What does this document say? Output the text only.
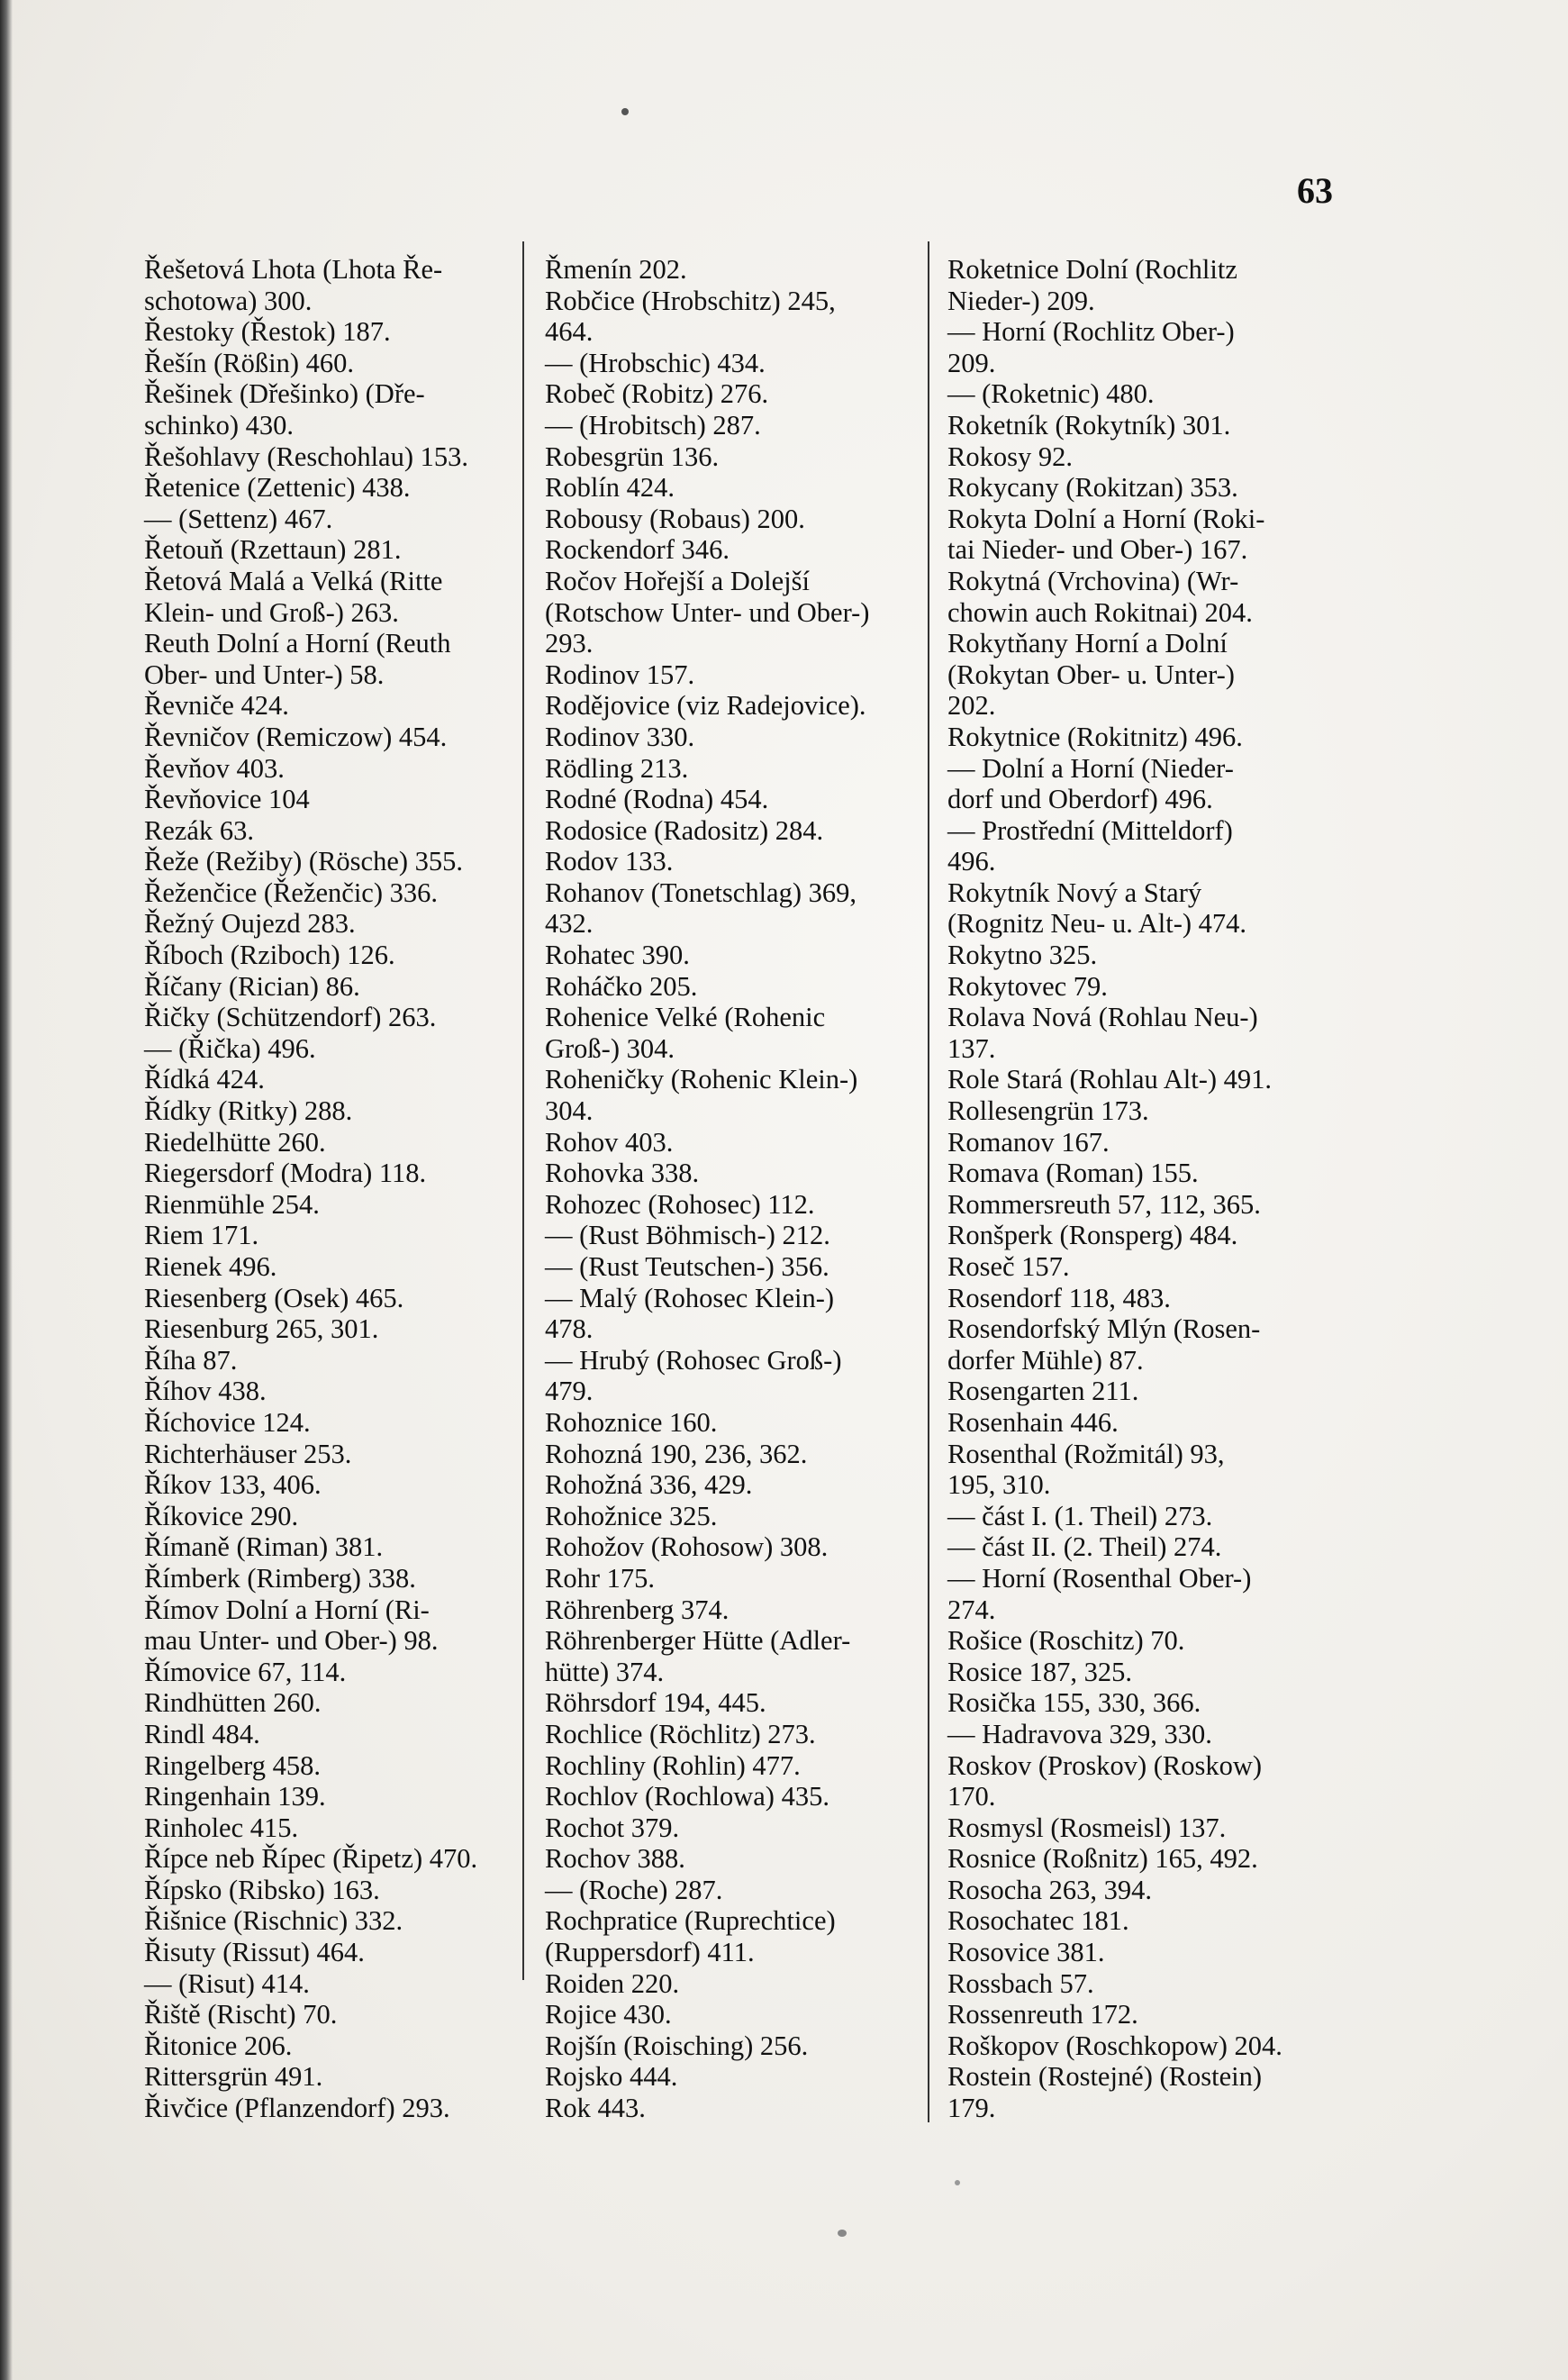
63
Řešetová Lhota (Lhota Ře-
schotowa) 300.
Řestoky (Řestok) 187.
Řešín (Rößin) 460.
Řešinek (Dřešinko) (Dře-
schinko) 430.
Řešohlavy (Reschohlau) 153.
Řetenice (Zettenic) 438.
— (Settenz) 467.
Řetouň (Rzettaun) 281.
Řetová Malá a Velká (Ritte
Klein- und Groß-) 263.
Reuth Dolní a Horní (Reuth
Ober- und Unter-) 58.
Řevniče 424.
Řevničov (Remiczow) 454.
Řevňov 403.
Řevňovice 104
Rezák 63.
Řeže (Režiby) (Rösche) 355.
Řeženčice (Řeženčic) 336.
Řežný Oujezd 283.
Říboch (Rziboch) 126.
Říčany (Rician) 86.
Řičky (Schützendorf) 263.
— (Řička) 496.
Řídká 424.
Řídky (Ritky) 288.
Riedelhütte 260.
Riegersdorf (Modra) 118.
Rienmühle 254.
Riem 171.
Rienek 496.
Riesenberg (Osek) 465.
Riesenburg 265, 301.
Říha 87.
Říhov 438.
Říchovice 124.
Richterhäuser 253.
Říkov 133, 406.
Říkovice 290.
Římaně (Riman) 381.
Římberk (Rimberg) 338.
Římov Dolní a Horní (Ri-
mau Unter- und Ober-) 98.
Římovice 67, 114.
Rindhütten 260.
Rindl 484.
Ringelberg 458.
Ringenhain 139.
Rinholec 415.
Řípce neb Řípec (Řipetz) 470.
Řípsko (Ribsko) 163.
Řišnice (Rischnic) 332.
Řisuty (Rissut) 464.
— (Risut) 414.
Řiště (Rischt) 70.
Řitonice 206.
Rittersgrün 491.
Řivčice (Pflanzendorf) 293.
Řmenín 202.
Robčice (Hrobschitz) 245,
464.
— (Hrobschic) 434.
Robeč (Robitz) 276.
— (Hrobitsch) 287.
Robesgrün 136.
Roblín 424.
Robousy (Robaus) 200.
Rockendorf 346.
Ročov Hořejší a Dolejší
(Rotschow Unter- und Ober-)
293.
Rodinov 157.
Rodějovice (viz Radejovice).
Rodinov 330.
Rödling 213.
Rodné (Rodna) 454.
Rodosice (Radositz) 284.
Rodov 133.
Rohanov (Tonetschlag) 369,
432.
Rohatec 390.
Roháčko 205.
Rohenice Velké (Rohenic
Groß-) 304.
Roheničky (Rohenic Klein-)
304.
Rohov 403.
Rohovka 338.
Rohozec (Rohosec) 112.
— (Rust Böhmisch-) 212.
— (Rust Teutschen-) 356.
— Malý (Rohosec Klein-)
478.
— Hrubý (Rohosec Groß-)
479.
Rohoznice 160.
Rohozná 190, 236, 362.
Rohožná 336, 429.
Rohožnice 325.
Rohožov (Rohosow) 308.
Rohr 175.
Röhrenberg 374.
Röhrenberger Hütte (Adler-
hütte) 374.
Röhrsdorf 194, 445.
Rochlice (Röchlitz) 273.
Rochliny (Rohlin) 477.
Rochlov (Rochlowa) 435.
Rochot 379.
Rochov 388.
— (Roche) 287.
Rochpratice (Ruprechtice)
(Ruppersdorf) 411.
Roiden 220.
Rojice 430.
Rojšín (Roisching) 256.
Rojsko 444.
Rok 443.
Roketnice Dolní (Rochlitz
Nieder-) 209.
— Horní (Rochlitz Ober-)
209.
— (Roketnic) 480.
Roketník (Rokytník) 301.
Rokosy 92.
Rokycany (Rokitzan) 353.
Rokyta Dolní a Horní (Roki-
tai Nieder- und Ober-) 167.
Rokytná (Vrchovina) (Wr-
chowin auch Rokitnai) 204.
Rokytňany Horní a Dolní
(Rokytan Ober- u. Unter-)
202.
Rokytnice (Rokitnitz) 496.
— Dolní a Horní (Nieder-
dorf und Oberdorf) 496.
— Prostřední (Mitteldorf)
496.
Rokytník Nový a Starý
(Rognitz Neu- u. Alt-) 474.
Rokytno 325.
Rokytovec 79.
Rolava Nová (Rohlau Neu-)
137.
Role Stará (Rohlau Alt-) 491.
Rollesengrün 173.
Romanov 167.
Romava (Roman) 155.
Rommersreuth 57, 112, 365.
Ronšperk (Ronsperg) 484.
Roseč 157.
Rosendorf 118, 483.
Rosendorfský Mlýn (Rosen-
dorfer Mühle) 87.
Rosengarten 211.
Rosenhain 446.
Rosenthal (Rožmitál) 93,
195, 310.
— část I. (1. Theil) 273.
— část II. (2. Theil) 274.
— Horní (Rosenthal Ober-)
274.
Rošice (Roschitz) 70.
Rosice 187, 325.
Rosička 155, 330, 366.
— Hadravova 329, 330.
Roskov (Proskov) (Roskow)
170.
Rosmysl (Rosmeisl) 137.
Rosnice (Roßnitz) 165, 492.
Rosocha 263, 394.
Rosochatec 181.
Rosovice 381.
Rossbach 57.
Rossenreuth 172.
Roškopov (Roschkopow) 204.
Rostein (Rostejné) (Rostein)
179.
